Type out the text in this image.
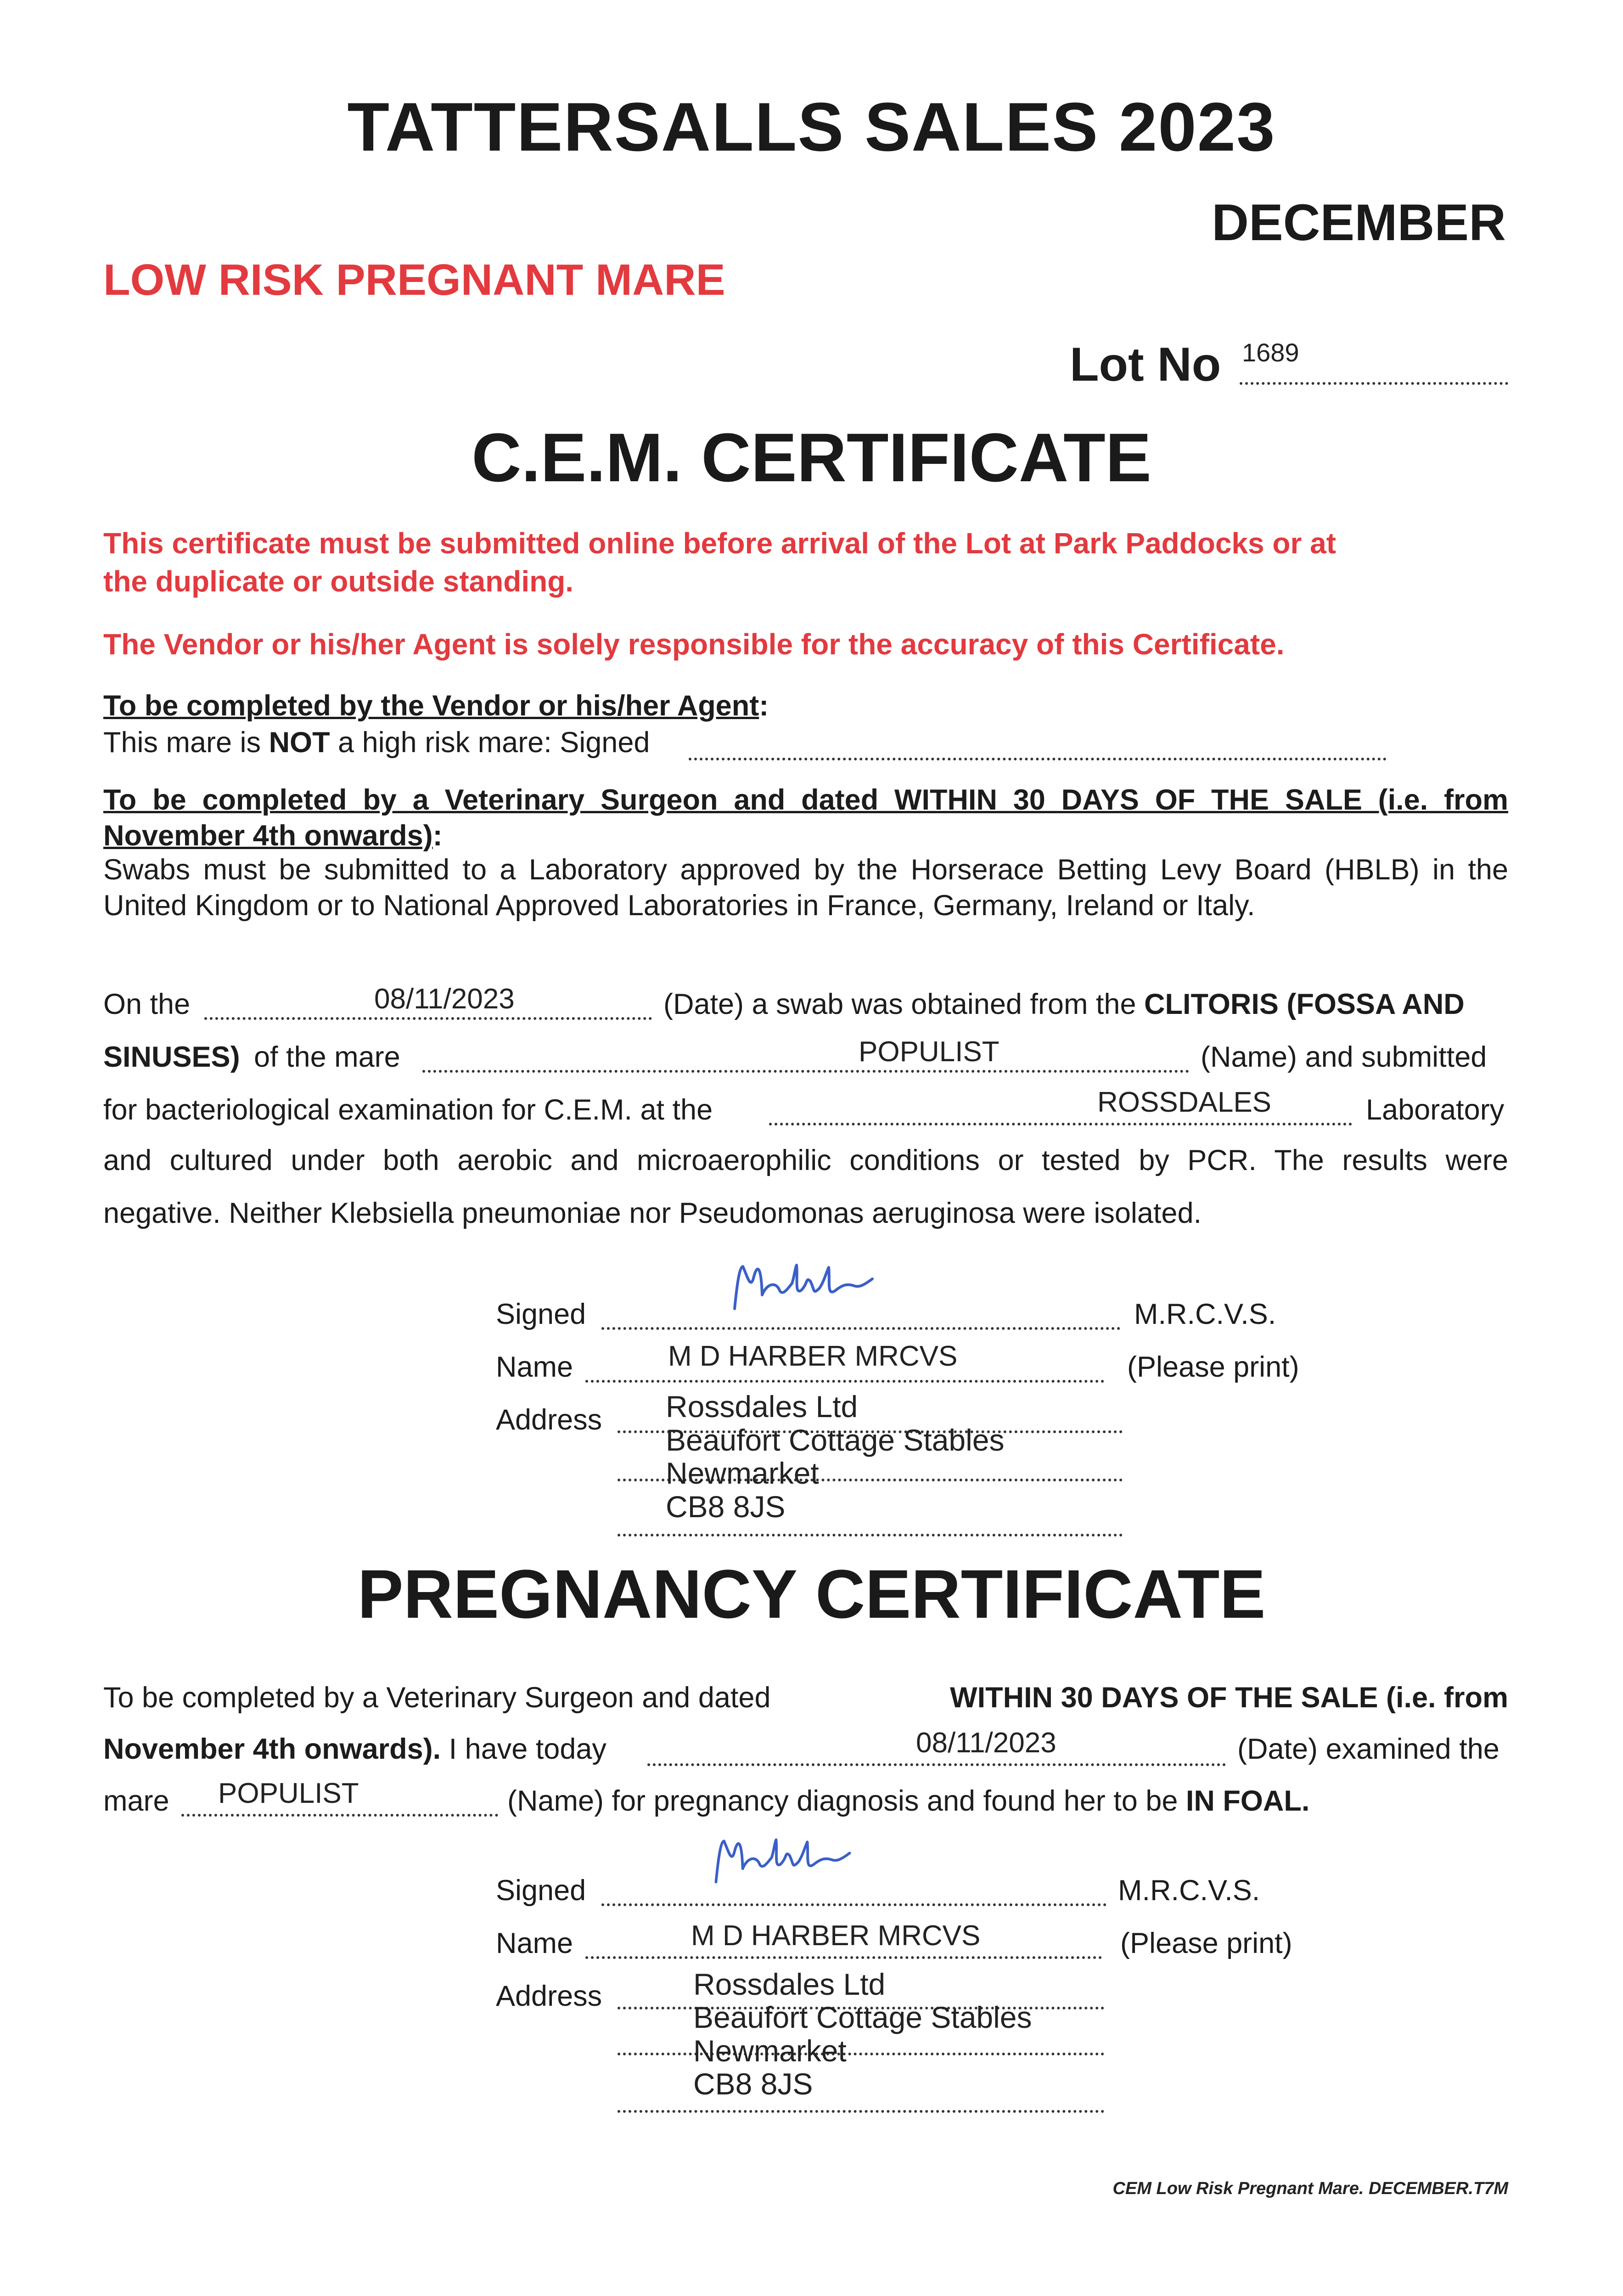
TATTERSALLS SALES 2023
DECEMBER
LOW RISK PREGNANT MARE
Lot No 1689
C.E.M. CERTIFICATE
This certificate must be submitted online before arrival of the Lot at Park Paddocks or at
the duplicate or outside standing.
The Vendor or his/her Agent is solely responsible for the accuracy of this Certificate.
To be completed by the Vendor or his/her Agent:
This mare is NOT a high risk mare: Signed
To be completed by a Veterinary Surgeon and dated WITHIN 30 DAYS OF THE SALE (i.e. from
November 4th onwards):
Swabs must be submitted to a Laboratory approved by the Horserace Betting Levy Board (HBLB) in the
United Kingdom or to National Approved Laboratories in France, Germany, Ireland or Italy.
On the	08/11/2023	(Date) a swab was obtained from the CLITORIS (FOSSA AND
SINUSES) of the mare	POPULIST	(Name) and submitted
for bacteriological examination for C.E.M. at the	ROSSDALES	Laboratory
and cultured under both aerobic and microaerophilic conditions or tested by PCR. The results were
negative. Neither Klebsiella pneumoniae nor Pseudomonas aeruginosa were isolated.
Signed	M.R.C.V.S.
Name	M D HARBER MRCVS	(Please print)
Address Rossdales Ltd
Beaufort Cottage Stables
Newmarket
CB8 8JS
PREGNANCY CERTIFICATE
To be completed by a Veterinary Surgeon and dated	WITHIN 30 DAYS OF THE SALE (i.e. from
November 4th onwards). I have today	08/11/2023	(Date) examined the
mare POPULIST	(Name) for pregnancy diagnosis and found her to be IN FOAL.
Signed	M.R.C.V.S.
Name	M D HARBER MRCVS	(Please print)
Address	Rossdales Ltd
Beaufort Cottage Stables
Newmarket
CB8 8JS
CEM Low Risk Pregnant Mare. DECEMBER.T7M
